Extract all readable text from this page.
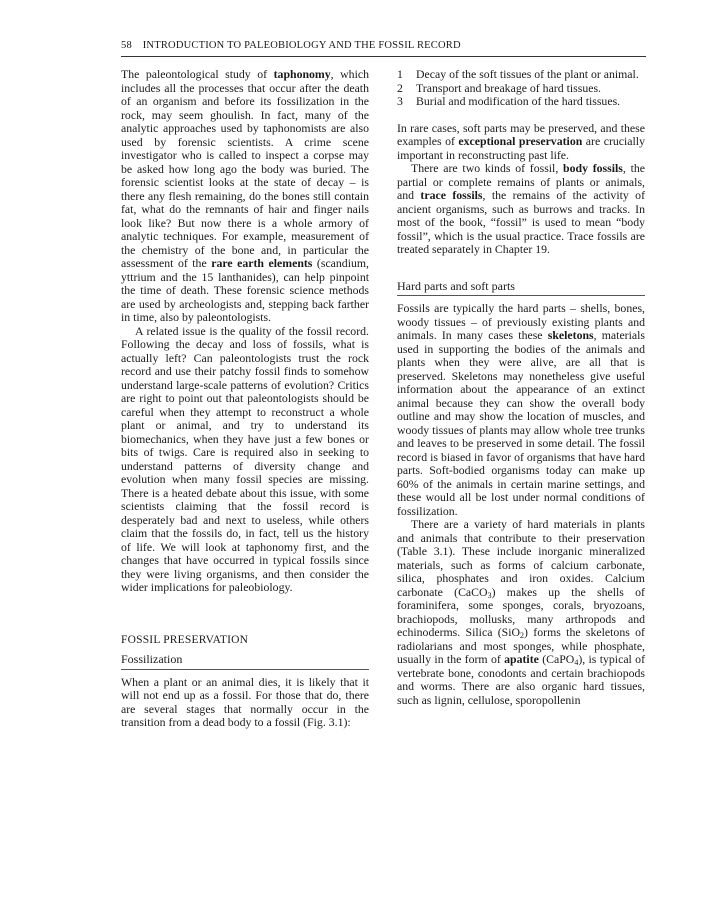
58 INTRODUCTION TO PALEOBIOLOGY AND THE FOSSIL RECORD

The paleontological study of taphonomy, which includes all the processes that occur after the death of an organism and before its fossilization in the rock, may seem ghoulish. In fact, many of the analytic approaches used by taphonomists are also used by forensic scientists. A crime scene investigator who is called to inspect a corpse may be asked how long ago the body was buried. The forensic scientist looks at the state of decay – is there any flesh remaining, do the bones still contain fat, what do the remnants of hair and finger nails look like? But now there is a whole armory of analytic techniques. For example, measurement of the chemistry of the bone and, in particular the assessment of the rare earth elements (scandium, yttrium and the 15 lanthanides), can help pinpoint the time of death. These forensic science methods are used by archeologists and, stepping back farther in time, also by paleontologists.

A related issue is the quality of the fossil record. Following the decay and loss of fossils, what is actually left? Can paleontologists trust the rock record and use their patchy fossil finds to somehow understand large-scale patterns of evolution? Critics are right to point out that paleontologists should be careful when they attempt to reconstruct a whole plant or animal, and try to understand its biomechanics, when they have just a few bones or bits of twigs. Care is required also in seeking to understand patterns of diversity change and evolution when many fossil species are missing. There is a heated debate about this issue, with some scientists claiming that the fossil record is desperately bad and next to useless, while others claim that the fossils do, in fact, tell us the history of life. We will look at taphonomy first, and the changes that have occurred in typical fossils since they were living organisms, and then consider the wider implications for paleobiology.

FOSSIL PRESERVATION

Fossilization

When a plant or an animal dies, it is likely that it will not end up as a fossil. For those that do, there are several stages that normally occur in the transition from a dead body to a fossil (Fig. 3.1):

1	Decay of the soft tissues of the plant or animal.
2	Transport and breakage of hard tissues.
3	Burial and modification of the hard tissues.

In rare cases, soft parts may be preserved, and these examples of exceptional preservation are crucially important in reconstructing past life.

There are two kinds of fossil, body fossils, the partial or complete remains of plants or animals, and trace fossils, the remains of the activity of ancient organisms, such as burrows and tracks. In most of the book, “fossil” is used to mean “body fossil”, which is the usual practice. Trace fossils are treated separately in Chapter 19.

Hard parts and soft parts

Fossils are typically the hard parts – shells, bones, woody tissues – of previously existing plants and animals. In many cases these skeletons, materials used in supporting the bodies of the animals and plants when they were alive, are all that is preserved. Skeletons may nonetheless give useful information about the appearance of an extinct animal because they can show the overall body outline and may show the location of muscles, and woody tissues of plants may allow whole tree trunks and leaves to be preserved in some detail. The fossil record is biased in favor of organisms that have hard parts. Soft-bodied organisms today can make up 60% of the animals in certain marine settings, and these would all be lost under normal conditions of fossilization.

There are a variety of hard materials in plants and animals that contribute to their preservation (Table 3.1). These include inorganic mineralized materials, such as forms of calcium carbonate, silica, phosphates and iron oxides. Calcium carbonate (CaCO$_3$) makes up the shells of foraminifera, some sponges, corals, bryozoans, brachiopods, mollusks, many arthropods and echinoderms. Silica (SiO$_2$) forms the skeletons of radiolarians and most sponges, while phosphate, usually in the form of apatite (CaPO$_4$), is typical of vertebrate bone, conodonts and certain brachiopods and worms. There are also organic hard tissues, such as lignin, cellulose, sporopollenin
